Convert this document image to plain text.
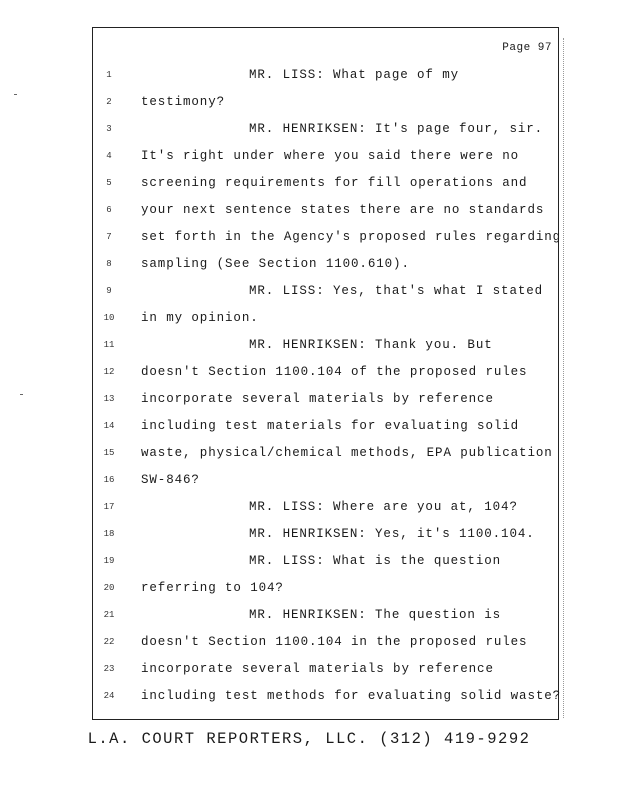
Page 97
1	MR. LISS: What page of my
2	testimony?
3	MR. HENRIKSEN: It's page four, sir.
4	It's right under where you said there were no
5	screening requirements for fill operations and
6	your next sentence states there are no standards
7	set forth in the Agency's proposed rules regarding
8	sampling (See Section 1100.610).
9	MR. LISS: Yes, that's what I stated
10	in my opinion.
11	MR. HENRIKSEN: Thank you. But
12	doesn't Section 1100.104 of the proposed rules
13	incorporate several materials by reference
14	including test materials for evaluating solid
15	waste, physical/chemical methods, EPA publication
16	SW-846?
17	MR. LISS: Where are you at, 104?
18	MR. HENRIKSEN: Yes, it's 1100.104.
19	MR. LISS: What is the question
20	referring to 104?
21	MR. HENRIKSEN: The question is
22	doesn't Section 1100.104 in the proposed rules
23	incorporate several materials by reference
24	including test methods for evaluating solid waste?
L.A. COURT REPORTERS, LLC. (312) 419-9292
